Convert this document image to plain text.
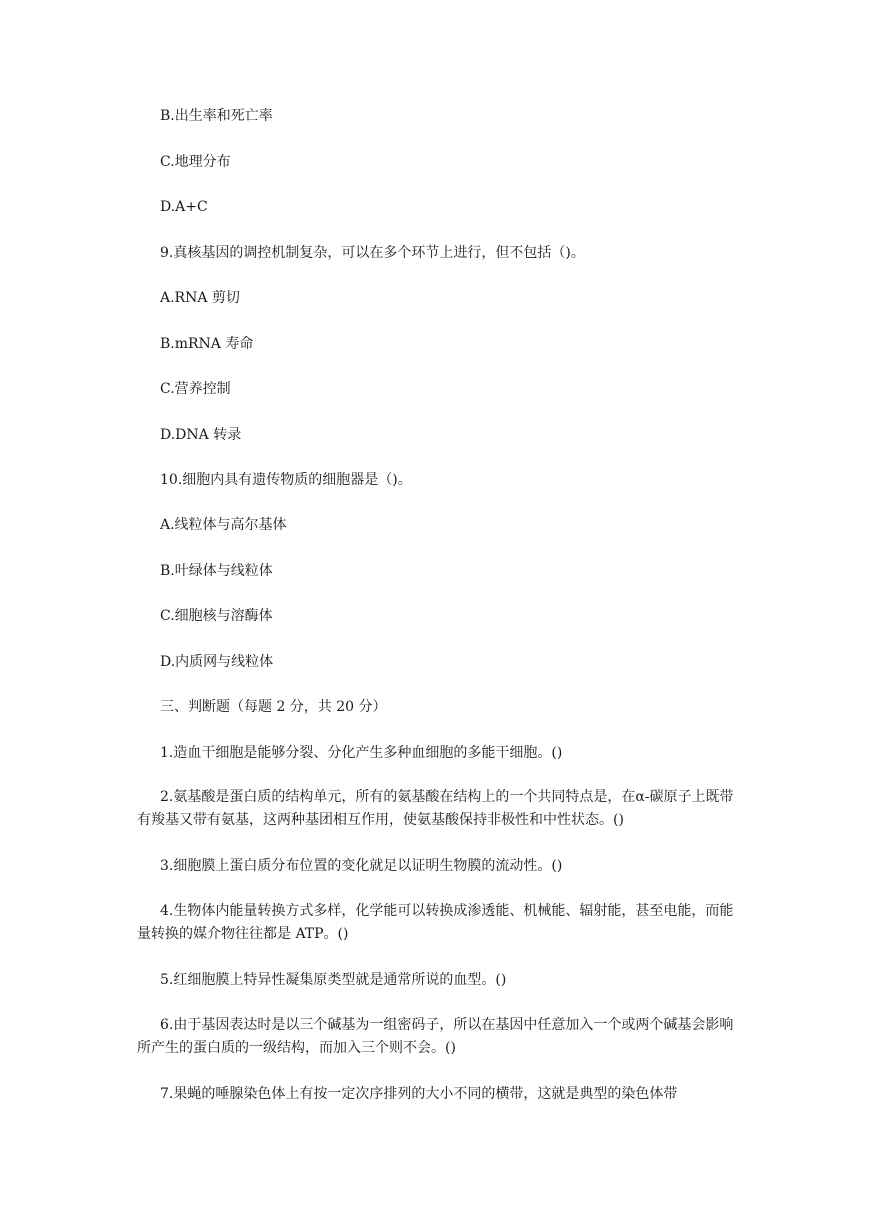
B.出生率和死亡率
C.地理分布
D.A+C
9.真核基因的调控机制复杂，可以在多个环节上进行，但不包括（)。
A.RNA 剪切
B.mRNA 寿命
C.营养控制
D.DNA 转录
10.细胞内具有遗传物质的细胞器是（)。
A.线粒体与高尔基体
B.叶绿体与线粒体
C.细胞核与溶酶体
D.内质网与线粒体
三、判断题（每题 2 分，共 20 分）
1.造血干细胞是能够分裂、分化产生多种血细胞的多能干细胞。()
2.氨基酸是蛋白质的结构单元，所有的氨基酸在结构上的一个共同特点是，在α-碳原子上既带有羧基又带有氨基，这两种基团相互作用，使氨基酸保持非极性和中性状态。()
3.细胞膜上蛋白质分布位置的变化就足以证明生物膜的流动性。()
4.生物体内能量转换方式多样，化学能可以转换成渗透能、机械能、辐射能，甚至电能，而能量转换的媒介物往往都是 ATP。()
5.红细胞膜上特异性凝集原类型就是通常所说的血型。()
6.由于基因表达时是以三个碱基为一组密码子，所以在基因中任意加入一个或两个碱基会影响所产生的蛋白质的一级结构，而加入三个则不会。()
7.果蝇的唾腺染色体上有按一定次序排列的大小不同的横带，这就是典型的染色体带
